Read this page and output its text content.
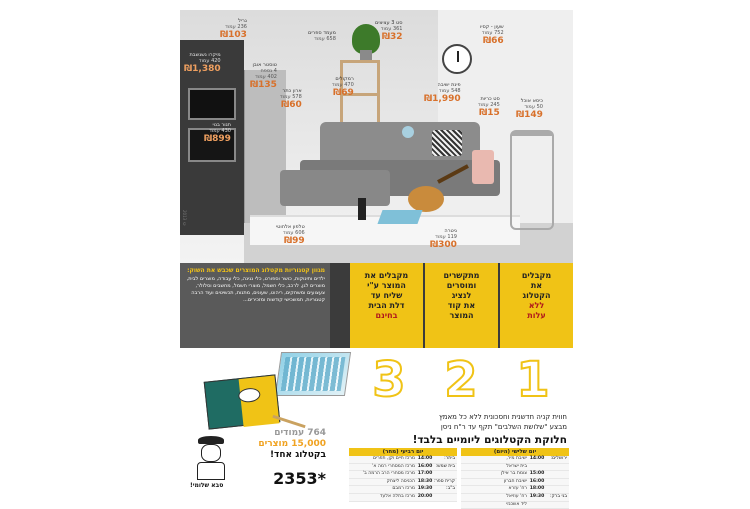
גריל
236 עמוד
₪103
מיקרו נשנשבת
420 עמוד
₪1,380	טוסטר אובן
4 נספח
402 עמוד
₪135
תנור בנוי
430 עמוד
₪899
סט 3 עציצים
361 עמוד
₪32
מעמד ספרים
658 עמוד
רמקולים
470 עמוד
₪69
ארון כתר
578 עמוד
₪60
שעון - קסיו
752 עמוד
₪66
פינת ישיבה
548 עמוד
₪1,990	סט כריות
245 עמוד
₪15
כיסא אוכל
50 עמוד
₪149
טלפון אלחוטי
606 עמוד
₪99
גיטרה
119 עמוד
₪300
© 2013
מגוון קטגוריות מקטלוג המוצרים שכבש את השוק:
ילדים ותינוקות, כושר וספורט, כלי נגינה, כלי עבודה, מוצרים לבית, מוצרים לגן, לרכב, כלי חשמל, מוצרי חשמל, מחשבים וסלולר, צעצועים ומשחקים, ריהוט, שעונים, מתנות, תכשיטים ועוד הרבה קטגוריות, תמשכישי קודשות ומזכירים...
מקבלים
את
הקטלוג
ללא
עלות
מתקשרים
ומוסרים
לנציג
את קוד
המוצר
מקבלים את
המוצר ע"י
שליח עד
דלת הבית
בחינם
1
2
3
חווית קניה חדשנית וחסכונית ללא כל מאמץ
מבצע "שלושת השלבים" תקף עד ר"ח ניסן
חלוקת הקטלוגים ליומיים בלבד!
יום שלישי (היום)
ירושלים:
14:00
ישיבת מיר,
בית ישראל
15:00
צומת בר אילן
16:00
ישיבת חברון
18:00
רח' עזרא
בני ברק:
19:30
רח' עוזיאל
ליד אשכנזי
יום רביעי (מחר)
ביתר:
14:00
מרכז חיים וקן, תפרים
בית שמש:
16:00
מרכז המסחרי רמה א'
17:00
מרכז מסחרי הרב הרמה ב'
קרית ספר:
18:30
הכניסה ליצחק
ב"ב:
19:30
מרכז רמבם
20:00
מרכז בתלה אלעד
764 עמודים
15,000 מוצרים
בקטלוג אחד!
2353*
סבא שלומי!
